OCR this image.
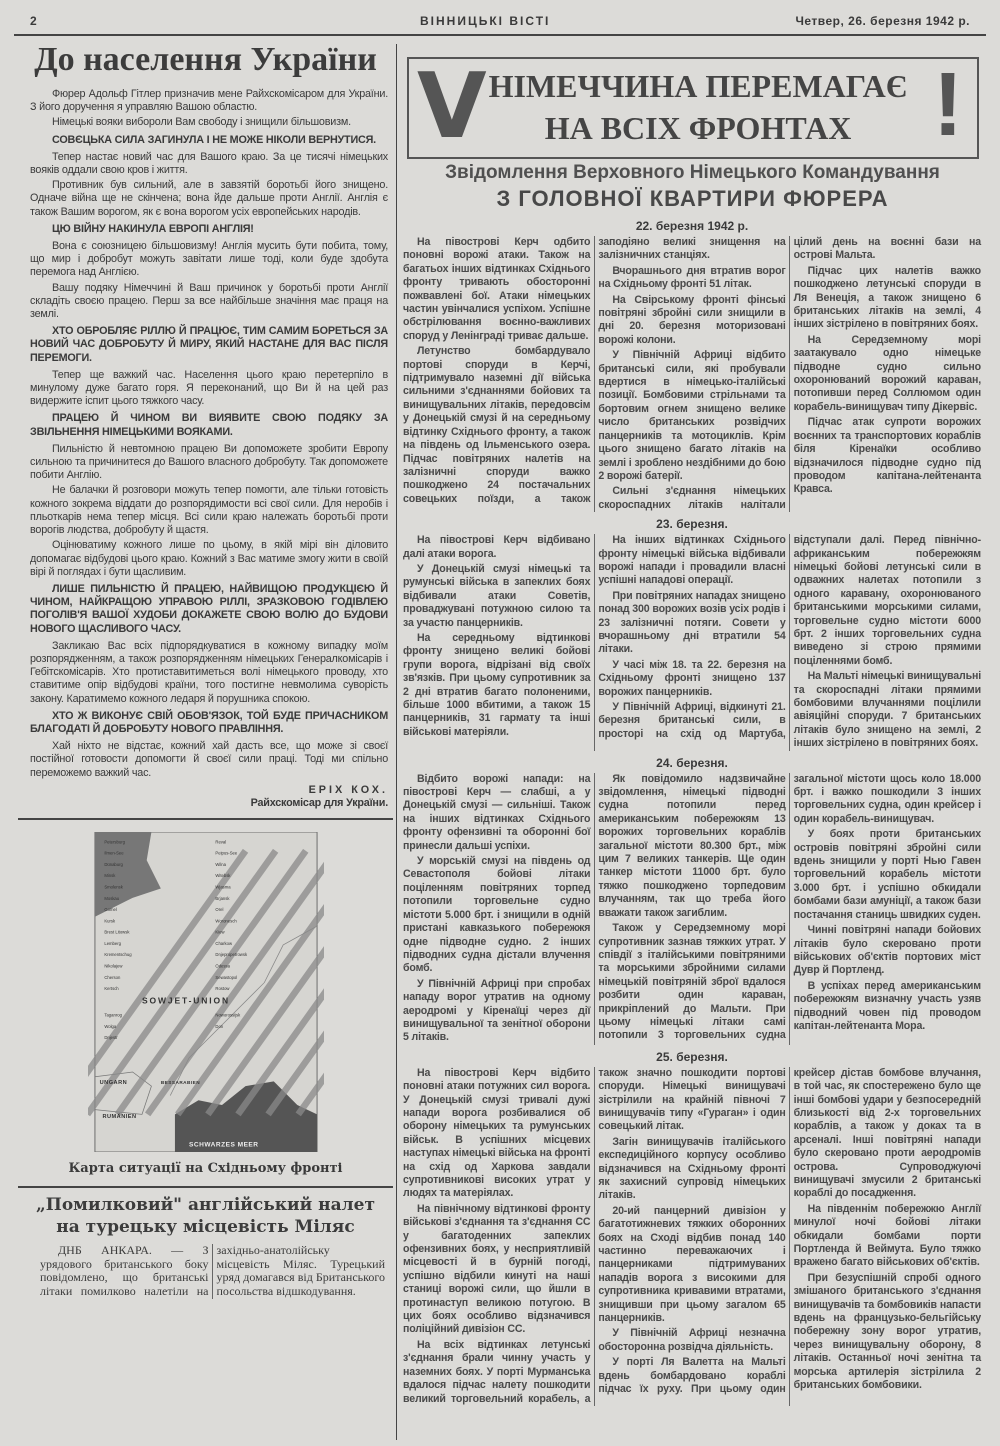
2	ВІННИЦЬКІ ВІСТІ	Четвер, 26. березня 1942 р.
До населення України

Фюрер Адольф Гітлер призначив мене Райхскомісаром для України. З його доручення я управляю Вашою областю.

Німецькі вояки виборoли Вам свободу і знищили більшовизм.

СОВЄЦЬКА СИЛА ЗАГИНУЛА І НЕ МОЖЕ НІКОЛИ ВЕРНУТИСЯ.

Тепер настає новий час для Вашого краю. За це тисячі німецьких вояків оддали свою кров і життя.

Противник був сильний, але в завзятій боротьбі його знищено. Одначе війна ще не скінчена; вона йде дальше проти Англії. Англія є також Вашим ворогом, як є вона ворогом усіх европейських народів.

ЦЮ ВІЙНУ НАКИНУЛА ЕВРОПІ АНГЛІЯ!

Вона є союзницею більшовизму! Англія мусить бути побита, тому, що мир і добробут можуть завітати лише тоді, коли буде здобута перемога над Англією.

Вашу подяку Німеччині й Ваш причинок у боротьбі проти Англії складіть своєю працею. Перш за все найбільше значіння має праця на землі.

ХТО ОБРОБЛЯЄ РІЛЛЮ Й ПРАЦЮЄ, ТИМ САМИМ БОРЕТЬСЯ ЗА НОВИЙ ЧАС ДОБРОБУТУ Й МИРУ, ЯКИЙ НАСТАНЕ ДЛЯ ВАС ПІСЛЯ ПЕРЕМОГИ.

Тепер ще важкий час. Населення цього краю перетерпіло в минулому дуже багато горя. Я переконаний, що Ви й на цей раз видержите іспит цього тяжкого часу.

ПРАЦЕЮ Й ЧИНОМ ВИ ВИЯВИТЕ СВОЮ ПОДЯКУ ЗА ЗВІЛЬНЕННЯ НІМЕЦЬКИМИ ВОЯКАМИ.

Пильністю й невтомною працею Ви допоможете зробити Европу сильною та причинитеся до Вашого власного добробуту. Так допоможете побити Англію.

Не балачки й розговори можуть тепер помогти, але тільки готовість кожного зокрема віддати до розпорядимости всі свої сили. Для неробів і пльоткарів нема тепер місця. Всі сили краю належать боротьбі проти ворогів людства, добробуту й щастя.

Оцінюватиму кожного лише по цьому, в якій мірі він діловито допомагає відбудові цього краю. Кожний з Вас матиме змогу жити в своїй вірі й поглядах і бути щасливим.

ЛИШЕ ПИЛЬНІСТЮ Й ПРАЦЕЮ, НАЙВИЩОЮ ПРОДУКЦІЄЮ Й ЧИНОМ, НАЙКРАЩОЮ УПРАВОЮ РІЛЛІ, ЗРАЗКОВОЮ ГОДІВЛЕЮ ПОГОЛІВ'Я ВАШОЇ ХУДОБИ ДОКАЖЕТЕ СВОЮ ВОЛЮ ДО БУДОВИ НОВОГО ЩАСЛИВОГО ЧАСУ.

Закликаю Вас всіх підпорядкуватися в кожному випадку моїм розпорядженням, а також розпорядженням німецьких Генералкомісарів і Гебітскомісарів. Хто протиставитиметься волі німецького проводу, хто ставитиме опір відбудові країни, того постигне невмолима суворість закону. Каратимемо кожного ледаря й порушника спокою.

ХТО Ж ВИКОНУЄ СВІЙ ОБОВ'ЯЗОК, ТОЙ БУДЕ ПРИЧАСНИКОМ БЛАГОДАТІ Й ДОБРОБУТУ НОВОГО ПРАВЛІННЯ.

Хай ніхто не відстає, кожний хай дасть все, що може зі своєї постійної готовости допомогти й своєї сили праці. Тоді ми спільно переможемо важкий час.

ЕРІХ КОХ.
Райхскомісар для України.
SOWJET-UNION
UNGARN
RUMÄNIEN
SCHWARZES MEER
BESSARABIEN
Petersburg	Reval
Ilmen-See	Peipus-See
Dünaburg	Wilna
Minsk	Witebsk
Smolensk	Wjasma
Moskau	Brjansk
Gomel	Orel
Kursk	Woronesch
Brest Litowsk	Kiew
Lemberg	Charkow
Krementschug	Dnjepropetrowsk
Nikolajew	Odessa
Cherson	Sewastopol
Kertsch	Rostow
Taganrog	Noworossijsk
Wolga	Don
Dnjestr
Карта ситуації на Східньому фронті
„Помилковий" англійський налет
на турецьку місцевість Міляс

ДНБ АНКАРА. — З урядового британського боку повідомлено, що британські літаки помилково налетіли на західньо-анатолійську місцевість Міляс. Турецький уряд домагався від Британського посольства відшкодування.

V НІМЕЧЧИНА ПЕРЕМАГАЄ
НА ВСІХ ФРОНТАХ !
Звідомлення Верховного Німецького Командування
З ГОЛОВНОЇ КВАРТИРИ ФЮРЕРА
22. березня 1942 р.

На півострові Керч одбито поновні ворожі атаки. Також на багатьох інших відтинках Східнього фронту тривають обосторонні пожвавлені бої. Атаки німецьких частин увінчалися успіхом. Успішне обстрілювання воєнно-важливих споруд у Ленінграді триває дальше.

Летунство бомбардувало портові споруди в Керчі, підтримувало наземні дії війська сильними з'єднаннями бойових та винищувальних літаків, передовсім у Донецькій смузі й на середньому відтинку Східнього фронту, а також на південь од Ільменського озера. Підчас повітряних налетів на залізничні споруди важко пошкоджено 24 постачальних совецьких поїзди, а також заподіяно великі знищення на залізничних станціях.

Вчорашнього дня втратив ворог на Східньому фронті 51 літак.

На Свірському фронті фінські повітряні збройні сили знищили в дні 20. березня моторизовані ворожі колони.

У Північній Африці відбито британські сили, які пробували вдертися в німецько-італійські позиції. Бомбовими стрільнами та бортовим огнем знищено велике число британських розвідчих панцерників та мотоциклів. Крім цього знищено багато літаків на землі і зроблено нездібними до бою 2 ворожі батерії.

Сильні з'єднання німецьких скороспадних літаків налітали цілий день на воєнні бази на острові Мальта.

Підчас цих налетів важко пошкоджено летунські споруди в Ля Венеція, а також знищено 6 британських літаків на землі, 4 інших зістрілено в повітряних боях.

На Середземному морі заатакувало одно німецьке підводне судно сильно охоронюваний ворожий караван, потопивши перед Соллюмом один корабель-винищувач типу Дікервіс.

Підчас атак супроти ворожих воєнних та транспортових кораблів біля Кіренаїки особливо відзначилося підводне судно під проводом капітана-лейтенанта Кравса.

23. березня.

На півострові Керч відбивано далі атаки ворога.

У Донецькій смузі німецькі та румунські війська в запеклих боях відбивали атаки Советів, проваджувані потужною силою та за участю панцерників.

На середньому відтинкові фронту знищено великі бойові групи ворога, відрізані від своїх зв'язків. При цьому супротивник за 2 дні втратив багато полоненими, більше 1000 вбитими, а також 15 панцерників, 31 гармату та інші військові матеріяли.

На інших відтинках Східнього фронту німецькі війська відбивали ворожі напади і провадили власні успішні нападові операції.

При повітряних нападах знищено понад 300 ворожих возів усіх родів і 23 залізничні потяги. Совети у вчорашньому дні втратили 54 літаки.

У часі між 18. та 22. березня на Східньому фронті знищено 137 ворожих панцерників.

У Північній Африці, відкинуті 21. березня британські сили, в просторі на схід од Мартуба, відступали далі. Перед північно-африканським побережжям німецькі бойові летунські сили в одважних налетах потопили з одного каравану, охоронюваного британськими морськими силами, торговельне судно містоти 6000 брт. 2 інших торговельних судна виведено зі строю прямими поціленнями бомб.

На Мальті німецькі винищувальні та скороспадні літаки прямими бомбовими влучаннями поцілили авіяційні споруди. 7 британських літаків було знищено на землі, 2 інших зістрілено в повітряних боях.

24. березня.

Відбито ворожі напади: на півострові Керч — слабші, а у Донецькій смузі — сильніші. Також на інших відтинках Східнього фронту офензивні та оборонні бої принесли дальші успіхи.

У морській смузі на південь од Севастополя бойові літаки поціленням повітряних торпед потопили торговельне судно містоти 5.000 брт. і знищили в одній пристані кавказького побережжя одне підводне судно. 2 інших підводних судна дістали влучення бомб.

У Північній Африці при спробах нападу ворог утратив на одному аеродромі у Кіренаїці через дії винищувальної та зенітної оборони 5 літаків.

Як повідомило надзвичайне звідомлення, німецькі підводні судна потопили перед американським побережжям 13 ворожих торговельних кораблів загальної містоти 80.300 брт., між цим 7 великих танкерів. Ще один танкер містоти 11000 брт. було тяжко пошкоджено торпедовим влучанням, так що треба його вважати також загиблим.

Також у Середземному морі супротивник зазнав тяжких утрат. У співдії з італійськими повітряними та морськими збройними силами німецькій повітряній зброї вдалося розбити один караван, прикріплений до Мальти. При цьому німецькі літаки самі потопили 3 торговельних судна загальної містоти щось коло 18.000 брт. і важко пошкодили 3 інших торговельних судна, один крейсер і один корабель-винищувач.

У боях проти британських островів повітряні збройні сили вдень знищили у порті Нью Гавен торговельний корабель містоти 3.000 брт. і успішно обкидали бомбами бази амуніції, а також бази постачання станиць швидких суден.

Чинні повітряні напади бойових літаків було скеровано проти військових об'єктів портових міст Дувр й Портленд.

В успіхах перед американським побережжям визначну участь узяв підводний човен під проводом капітан-лейтенанта Мора.

25. березня.

На півострові Керч відбито поновні атаки потужних сил ворога. У Донецькій смузі тривалі дужі напади ворога розбивалися об оборону німецьких та румунських військ. В успішних місцевих наступах німецькі війська на фронті на схід од Харкова завдали супротивникові високих утрат у людях та матеріялах.

На північному відтинкові фронту військові з'єднання та з'єднання СС у багатоденних запеклих офензивних боях, у несприятливій місцевості й в бурній погоді, успішно відбили кинуті на наші станиці ворожі сили, що йшли в протинаступ великою потугою. В цих боях особливо відзначився поліційний дивізіон СС.

На всіх відтинках летунські з'єднання брали чинну участь у наземних боях. У порті Мурманська вдалося підчас налету пошкодити великий торговельний корабель, а також значно пошкодити портові споруди. Німецькі винищувачі зістрілили на крайній півночі 7 винищувачів типу «Гураган» і один совецький літак.

Загін винищувачів італійського експедиційного корпусу особливо відзначився на Східньому фронті як захисний супровід німецьких літаків.

20-ий панцерний дивізіон у багатотижневих тяжких оборонних боях на Сході відбив понад 140 частинно переважаючих і панцерниками підтримуваних нападів ворога з високими для супротивника кривавими втратами, знищивши при цьому загалом 65 панцерників.

У Північній Африці незначна обосторонна розвідча діяльність.

У порті Ля Валетта на Мальті вдень бомбардовано кораблі підчас їх руху. При цьому один крейсер дістав бомбове влучання, в той час, як спостережено було ще інші бомбові удари у безпосередній близькості від 2-х торговельних кораблів, а також у доках та в арсеналі. Інші повітряні напади було скеровано проти аеродромів острова. Супроводжуючі винищувачі змусили 2 британські кораблі до посадження.

На південнім побережжю Англії минулої ночі бойові літаки обкидали бомбами порти Портленда й Веймута. Було тяжко вражено багато військових об'єктів.

При безуспішній спробі одного змішаного британського з'єднання винищувачів та бомбовиків напасти вдень на французько-бельгійську побережну зону ворог утратив, через винищувальну оборону, 8 літаків. Останньої ночі зенітна та морська артилерія зістрілила 2 британських бомбовики.
